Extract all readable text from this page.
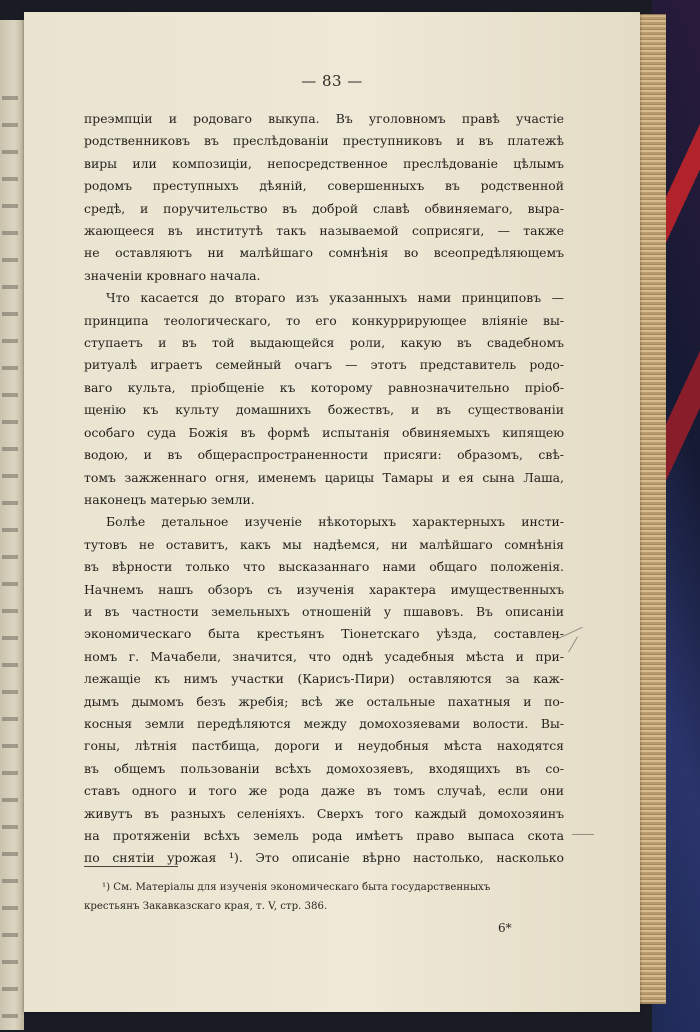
— 83 —
преэмпціи и родоваго выкупа. Въ уголовномъ правѣ участіе
родственниковъ въ преслѣдованіи преступниковъ и въ платежѣ
виры или композиціи, непосредственное преслѣдованіе цѣлымъ
родомъ преступныхъ дѣяній, совершенныхъ въ родственной
средѣ, и поручительство въ доброй славѣ обвиняемаго, выра-
жающееся въ институтѣ такъ называемой соприсяги, — также
не оставляютъ ни малѣйшаго сомнѣнія во всеопредѣляющемъ
значеніи кровнаго начала.
Что касается до втораго изъ указанныхъ нами принциповъ —
принципа теологическаго, то его конкуррирующее вліяніе вы-
ступаетъ и въ той выдающейся роли, какую въ свадебномъ
ритуалѣ играетъ семейный очагъ — этотъ представитель родо-
ваго культа, пріобщеніе къ которому равнозначительно пріоб-
щенію къ культу домашнихъ божествъ, и въ существованіи
особаго суда Божія въ формѣ испытанія обвиняемыхъ кипящею
водою, и въ общераспространенности присяги: образомъ, свѣ-
томъ зажженнаго огня, именемъ царицы Тамары и ея сына Лаша,
наконецъ матерью земли.
Болѣе детальное изученіе нѣкоторыхъ характерныхъ инсти-
тутовъ не оставитъ, какъ мы надѣемся, ни малѣйшаго сомнѣнія
въ вѣрности только что высказаннаго нами общаго положенія.
Начнемъ нашъ обзоръ съ изученія характера имущественныхъ
и въ частности земельныхъ отношеній у пшавовъ. Въ описаніи
экономическаго быта крестьянъ Тіонетскаго уѣзда, составлен-
номъ г. Мачабели, значится, что однѣ усадебныя мѣста и при-
лежащіе къ нимъ участки (Карисъ-Пири) оставляются за каж-
дымъ дымомъ безъ жребія; всѣ же остальные пахатныя и по-
косныя земли передѣляются между домохозяевами волости. Вы-
гоны, лѣтнія пастбища, дороги и неудобныя мѣста находятся
въ общемъ пользованіи всѣхъ домохозяевъ, входящихъ въ со-
ставъ одного и того же рода даже въ томъ случаѣ, если они
живутъ въ разныхъ селеніяхъ. Сверхъ того каждый домохозяинъ
на протяженіи всѣхъ земель рода имѣетъ право выпаса скота
по снятіи урожая ¹). Это описаніе вѣрно настолько, насколько
¹) См. Матеріалы для изученія экономическаго быта государственныхъ
крестьянъ Закавказскаго края, т. V, стр. 386.
6*
